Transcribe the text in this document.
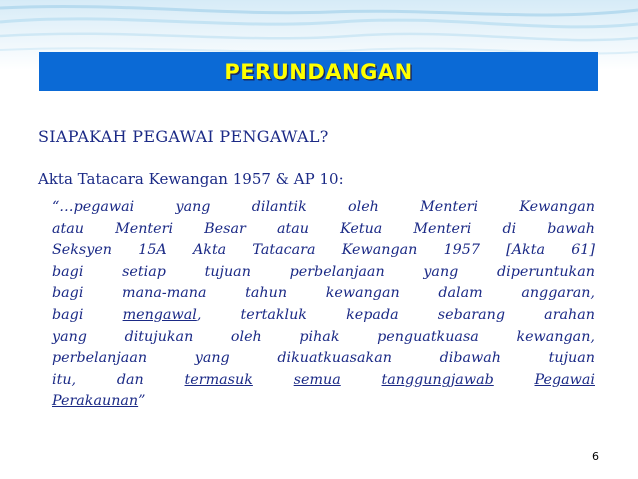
PERUNDANGAN
SIAPAKAH PEGAWAI PENGAWAL?
Akta Tatacara Kewangan 1957 & AP 10:
“…pegawai	yang	dilantik	oleh	Menteri	Kewangan
atau Menteri Besar atau Ketua Menteri di bawah
Seksyen 15A Akta Tatacara Kewangan 1957 [Akta 61]
bagi	setiap	tujuan	perbelanjaan	yang	diperuntukan
bagi	mana-mana	tahun	kewangan	dalam	anggaran,
bagi	mengawal,	tertakluk	kepada	sebarang	arahan
yang	ditujukan	oleh	pihak	penguatkuasa	kewangan,
perbelanjaan	yang	dikuatkuasakan	dibawah	tujuan
itu,	dan	termasuk	semua	tanggungjawab	Pegawai
Perakaunan”
6
